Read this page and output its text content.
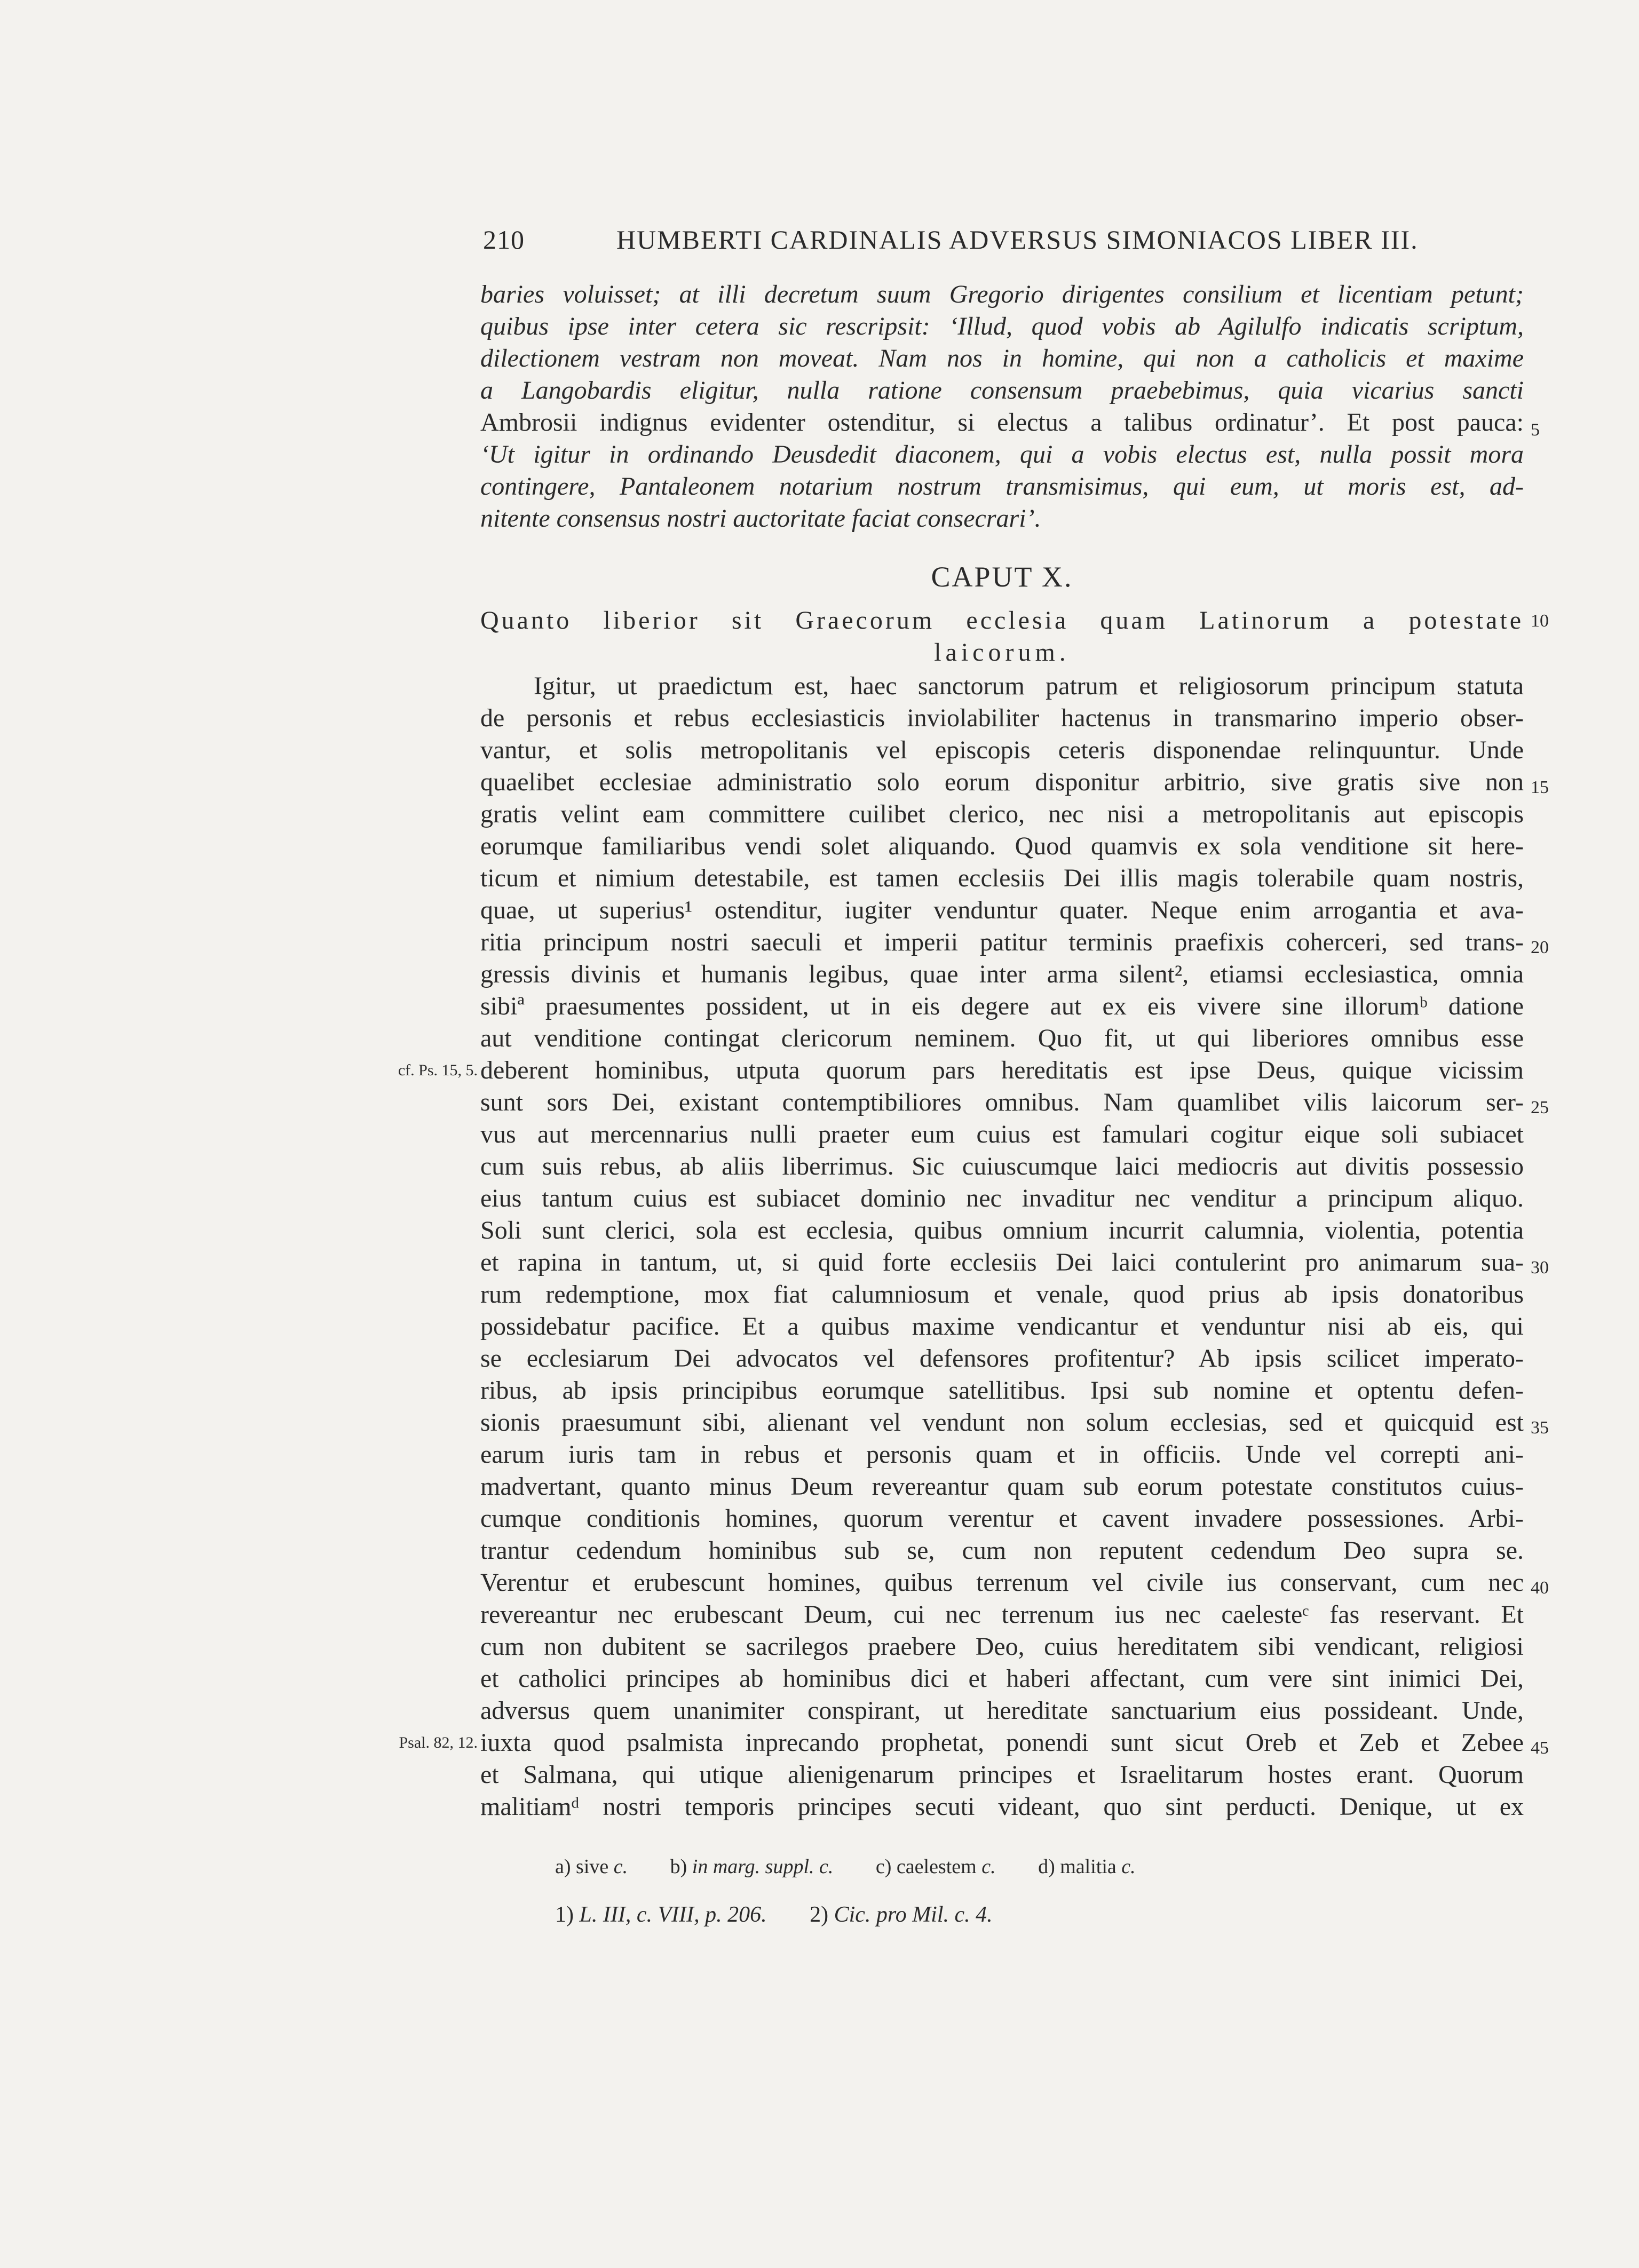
210	HUMBERTI CARDINALIS ADVERSUS SIMONIACOS LIBER III.
baries voluisset; at illi decretum suum Gregorio dirigentes consilium et licentiam petunt;
quibus ipse inter cetera sic rescripsit: ‘Illud, quod vobis ab Agilulfo indicatis scriptum,
dilectionem vestram non moveat. Nam nos in homine, qui non a catholicis et maxime
a Langobardis eligitur, nulla ratione consensum praebebimus, quia vicarius sancti
Ambrosii indignus evidenter ostenditur, si electus a talibus ordinatur’. Et post pauca:
‘Ut igitur in ordinando Deusdedit diaconem, qui a vobis electus est, nulla possit mora
contingere, Pantaleonem notarium nostrum transmisimus, qui eum, ut moris est, ad-
nitente consensus nostri auctoritate faciat consecrari’.
CAPUT X.
Quanto liberior sit Graecorum ecclesia quam Latinorum a potestate
laicorum.
Igitur, ut praedictum est, haec sanctorum patrum et religiosorum principum statuta
de personis et rebus ecclesiasticis inviolabiliter hactenus in transmarino imperio obser-
vantur, et solis metropolitanis vel episcopis ceteris disponendae relinquuntur. Unde
quaelibet ecclesiae administratio solo eorum disponitur arbitrio, sive gratis sive non
gratis velint eam committere cuilibet clerico, nec nisi a metropolitanis aut episcopis
eorumque familiaribus vendi solet aliquando. Quod quamvis ex sola venditione sit here-
ticum et nimium detestabile, est tamen ecclesiis Dei illis magis tolerabile quam nostris,
quae, ut superius¹ ostenditur, iugiter venduntur quater. Neque enim arrogantia et ava-
ritia principum nostri saeculi et imperii patitur terminis praefixis coherceri, sed trans-
gressis divinis et humanis legibus, quae inter arma silent², etiamsi ecclesiastica, omnia
sibiª praesumentes possident, ut in eis degere aut ex eis vivere sine illorumᵇ datione
aut venditione contingat clericorum neminem. Quo fit, ut qui liberiores omnibus esse
deberent hominibus, utputa quorum pars hereditatis est ipse Deus, quique vicissim
sunt sors Dei, existant contemptibiliores omnibus. Nam quamlibet vilis laicorum ser-
vus aut mercennarius nulli praeter eum cuius est famulari cogitur eique soli subiacet
cum suis rebus, ab aliis liberrimus. Sic cuiuscumque laici mediocris aut divitis possessio
eius tantum cuius est subiacet dominio nec invaditur nec venditur a principum aliquo.
Soli sunt clerici, sola est ecclesia, quibus omnium incurrit calumnia, violentia, potentia
et rapina in tantum, ut, si quid forte ecclesiis Dei laici contulerint pro animarum sua-
rum redemptione, mox fiat calumniosum et venale, quod prius ab ipsis donatoribus
possidebatur pacifice. Et a quibus maxime vendicantur et venduntur nisi ab eis, qui
se ecclesiarum Dei advocatos vel defensores profitentur? Ab ipsis scilicet imperato-
ribus, ab ipsis principibus eorumque satellitibus. Ipsi sub nomine et optentu defen-
sionis praesumunt sibi, alienant vel vendunt non solum ecclesias, sed et quicquid est
earum iuris tam in rebus et personis quam et in officiis. Unde vel correpti ani-
madvertant, quanto minus Deum revereantur quam sub eorum potestate constitutos cuius-
cumque conditionis homines, quorum verentur et cavent invadere possessiones. Arbi-
trantur cedendum hominibus sub se, cum non reputent cedendum Deo supra se.
Verentur et erubescunt homines, quibus terrenum vel civile ius conservant, cum nec
revereantur nec erubescant Deum, cui nec terrenum ius nec caelesteᶜ fas reservant. Et
cum non dubitent se sacrilegos praebere Deo, cuius hereditatem sibi vendicant, religiosi
et catholici principes ab hominibus dici et haberi affectant, cum vere sint inimici Dei,
adversus quem unanimiter conspirant, ut hereditate sanctuarium eius possideant. Unde,
iuxta quod psalmista inprecando prophetat, ponendi sunt sicut Oreb et Zeb et Zebee
et Salmana, qui utique alienigenarum principes et Israelitarum hostes erant. Quorum
malitiamᵈ nostri temporis principes secuti videant, quo sint perducti. Denique, ut ex
5
10
15
20
25
30
35
40
45
cf. Ps. 15, 5.
Psal. 82, 12.
a) sive c. b) in marg. suppl. c. c) caelestem c. d) malitia c.
1) L. III, c. VIII, p. 206. 2) Cic. pro Mil. c. 4.
